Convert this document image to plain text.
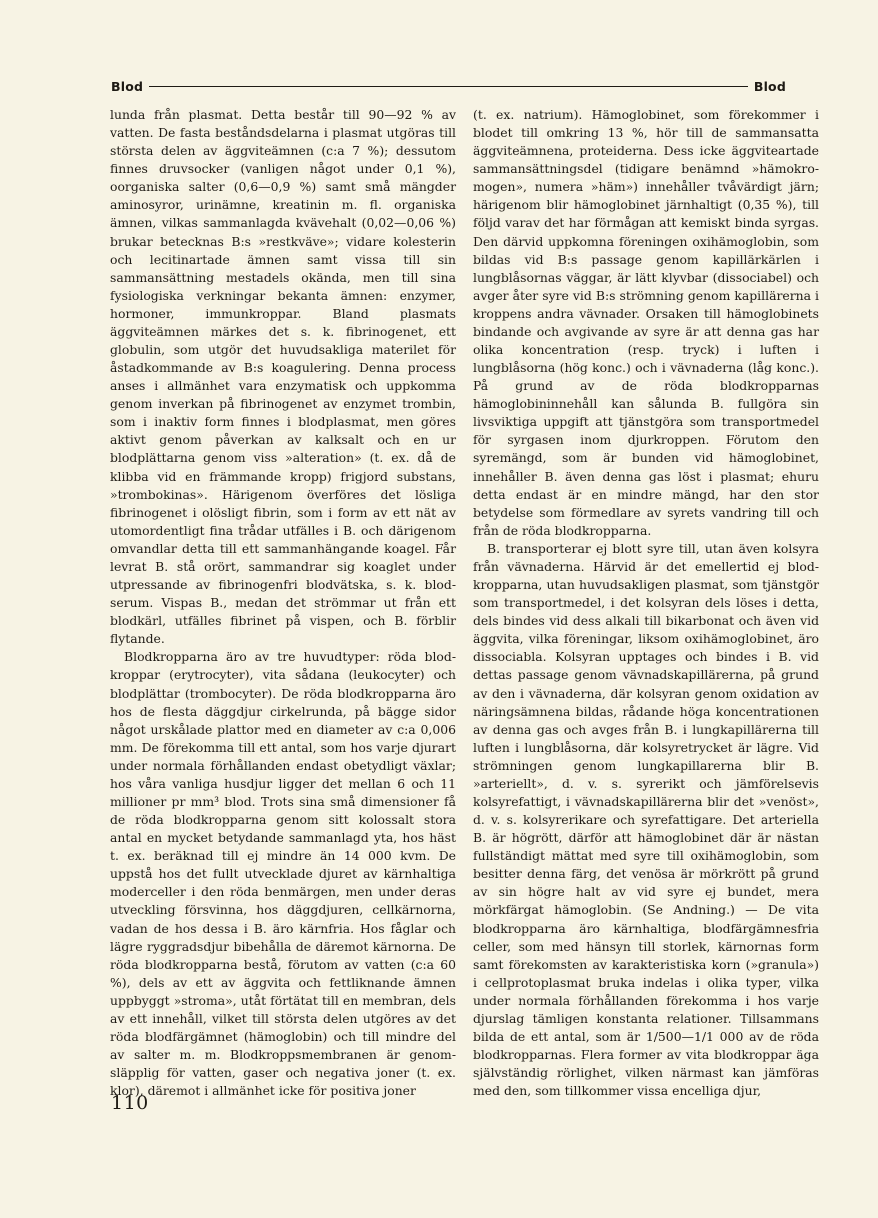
Blod	Blod

lunda från plasmat. Detta består till 90—92 % av vatten. De fasta beståndsdelarna i plasmat utgöras till största delen av äggviteämnen (c:a 7 %); dessutom finnes druvsocker (vanligen något under 0,1 %), oorganiska salter (0,6—0,9 %) samt små mängder aminosyror, urinämne, kreatinin m. fl. organiska ämnen, vilkas sammanlagda kvävehalt (0,02—0,06 %) brukar betecknas B:s »restkväve»; vidare kolesterin och lecitinartade ämnen samt vissa till sin sammansättning mestadels okända, men till sina fysiologiska verkningar bekanta ämnen: enzymer, hormoner, immunkroppar. Bland plasmats äggviteämnen märkes det s. k. fibrinogenet, ett globulin, som utgör det huvudsakliga materilet för åstadkommande av B:s koagulering. Denna process anses i allmänhet vara enzymatisk och uppkomma genom inverkan på fibrinogenet av enzymet trombin, som i inaktiv form finnes i blodplasmat, men göres aktivt genom påverkan av kalksalt och en ur blodplättarna genom viss »alteration» (t. ex. då de klibba vid en främmande kropp) frigjord substans, »trombokinas». Härigenom överföres det lösliga fibrinogenet i olösligt fibrin, som i form av ett nät av utomordentligt fina trådar utfälles i B. och därigenom omvandlar detta till ett sammanhängande koagel. Får levrat B. stå orört, sammandrar sig koaglet under utpressande av fibrinogenfri blodvätska, s. k. blodserum. Vispas B., medan det strömmar ut från ett blodkärl, utfälles fibrinet på vispen, och B. förblir flytande.

Blodkropparna äro av tre huvudtyper: röda blodkroppar (erytrocyter), vita sådana (leukocyter) och blodplättar (trombocyter). De röda blodkropparna äro hos de flesta däggdjur cirkelrunda, på bägge sidor något urskålade plattor med en diameter av c:a 0,006 mm. De förekomma till ett antal, som hos varje djurart under normala förhållanden endast obetydligt växlar; hos våra vanliga husdjur ligger det mellan 6 och 11 millioner pr mm³ blod. Trots sina små dimensioner få de röda blodkropparna genom sitt kolossalt stora antal en mycket betydande sammanlagd yta, hos häst t. ex. beräknad till ej mindre än 14 000 kvm. De uppstå hos det fullt utvecklade djuret av kärnhaltiga moderceller i den röda benmärgen, men under deras utveckling försvinna, hos däggdjuren, cellkärnorna, vadan de hos dessa i B. äro kärnfria. Hos fåglar och lägre ryggradsdjur bibehålla de däremot kärnorna. De röda blodkropparna bestå, förutom av vatten (c:a 60 %), dels av ett av äggvita och fettliknande ämnen uppbyggt »stroma», utåt förtätat till en membran, dels av ett innehåll, vilket till största delen utgöres av det röda blodfärgämnet (hämoglobin) och till mindre del av salter m. m. Blodkroppsmembranen är genomsläpplig för vatten, gaser och negativa joner (t. ex. klor), däremot i allmänhet icke för positiva joner

(t. ex. natrium). Hämoglobinet, som förekommer i blodet till omkring 13 %, hör till de sammansatta äggviteämnena, proteiderna. Dess icke äggviteartade sammansättningsdel (tidigare benämnd »hämokromogen», numera »häm») innehåller tvåvärdigt järn; härigenom blir hämoglobinet järnhaltigt (0,35 %), till följd varav det har förmågan att kemiskt binda syrgas. Den därvid uppkomna föreningen oxihämoglobin, som bildas vid B:s passage genom kapillärkärlen i lungblåsornas väggar, är lätt klyvbar (dissociabel) och avger åter syre vid B:s strömning genom kapillärerna i kroppens andra vävnader. Orsaken till hämoglobinets bindande och avgivande av syre är att denna gas har olika koncentration (resp. tryck) i luften i lungblåsorna (hög konc.) och i vävnaderna (låg konc.). På grund av de röda blodkropparnas hämoglobininnehåll kan sålunda B. fullgöra sin livsviktiga uppgift att tjänstgöra som transportmedel för syrgasen inom djurkroppen. Förutom den syremängd, som är bunden vid hämoglobinet, innehåller B. även denna gas löst i plasmat; ehuru detta endast är en mindre mängd, har den stor betydelse som förmedlare av syrets vandring till och från de röda blodkropparna.

B. transporterar ej blott syre till, utan även kolsyra från vävnaderna. Härvid är det emellertid ej blodkropparna, utan huvudsakligen plasmat, som tjänstgör som transportmedel, i det kolsyran dels löses i detta, dels bindes vid dess alkali till bikarbonat och även vid äggvita, vilka föreningar, liksom oxihämoglobinet, äro dissociabla. Kolsyran upptages och bindes i B. vid dettas passage genom vävnadskapillärerna, på grund av den i vävnaderna, där kolsyran genom oxidation av näringsämnena bildas, rådande höga koncentrationen av denna gas och avges från B. i lungkapillärerna till luften i lungblåsorna, där kolsyretrycket är lägre. Vid strömningen genom lungkapillarerna blir B. »arteriellt», d. v. s. syrerikt och jämförelsevis kolsyrefattigt, i vävnadskapillärerna blir det »venöst», d. v. s. kolsyrerikare och syrefattigare. Det arteriella B. är högrött, därför att hämoglobinet där är nästan fullständigt mättat med syre till oxihämoglobin, som besitter denna färg, det venösa är mörkrött på grund av sin högre halt av vid syre ej bundet, mera mörkfärgat hämoglobin. (Se Andning.) — De vita blodkropparna äro kärnhaltiga, blodfärgämnesfria celler, som med hänsyn till storlek, kärnornas form samt förekomsten av karakteristiska korn (»granula») i cellprotoplasmat bruka indelas i olika typer, vilka under normala förhållanden förekomma i hos varje djurslag tämligen konstanta relationer. Tillsammans bilda de ett antal, som är 1/500—1/1 000 av de röda blodkropparnas. Flera former av vita blodkroppar äga självständig rörlighet, vilken närmast kan jämföras med den, som tillkommer vissa encelliga djur,

110
